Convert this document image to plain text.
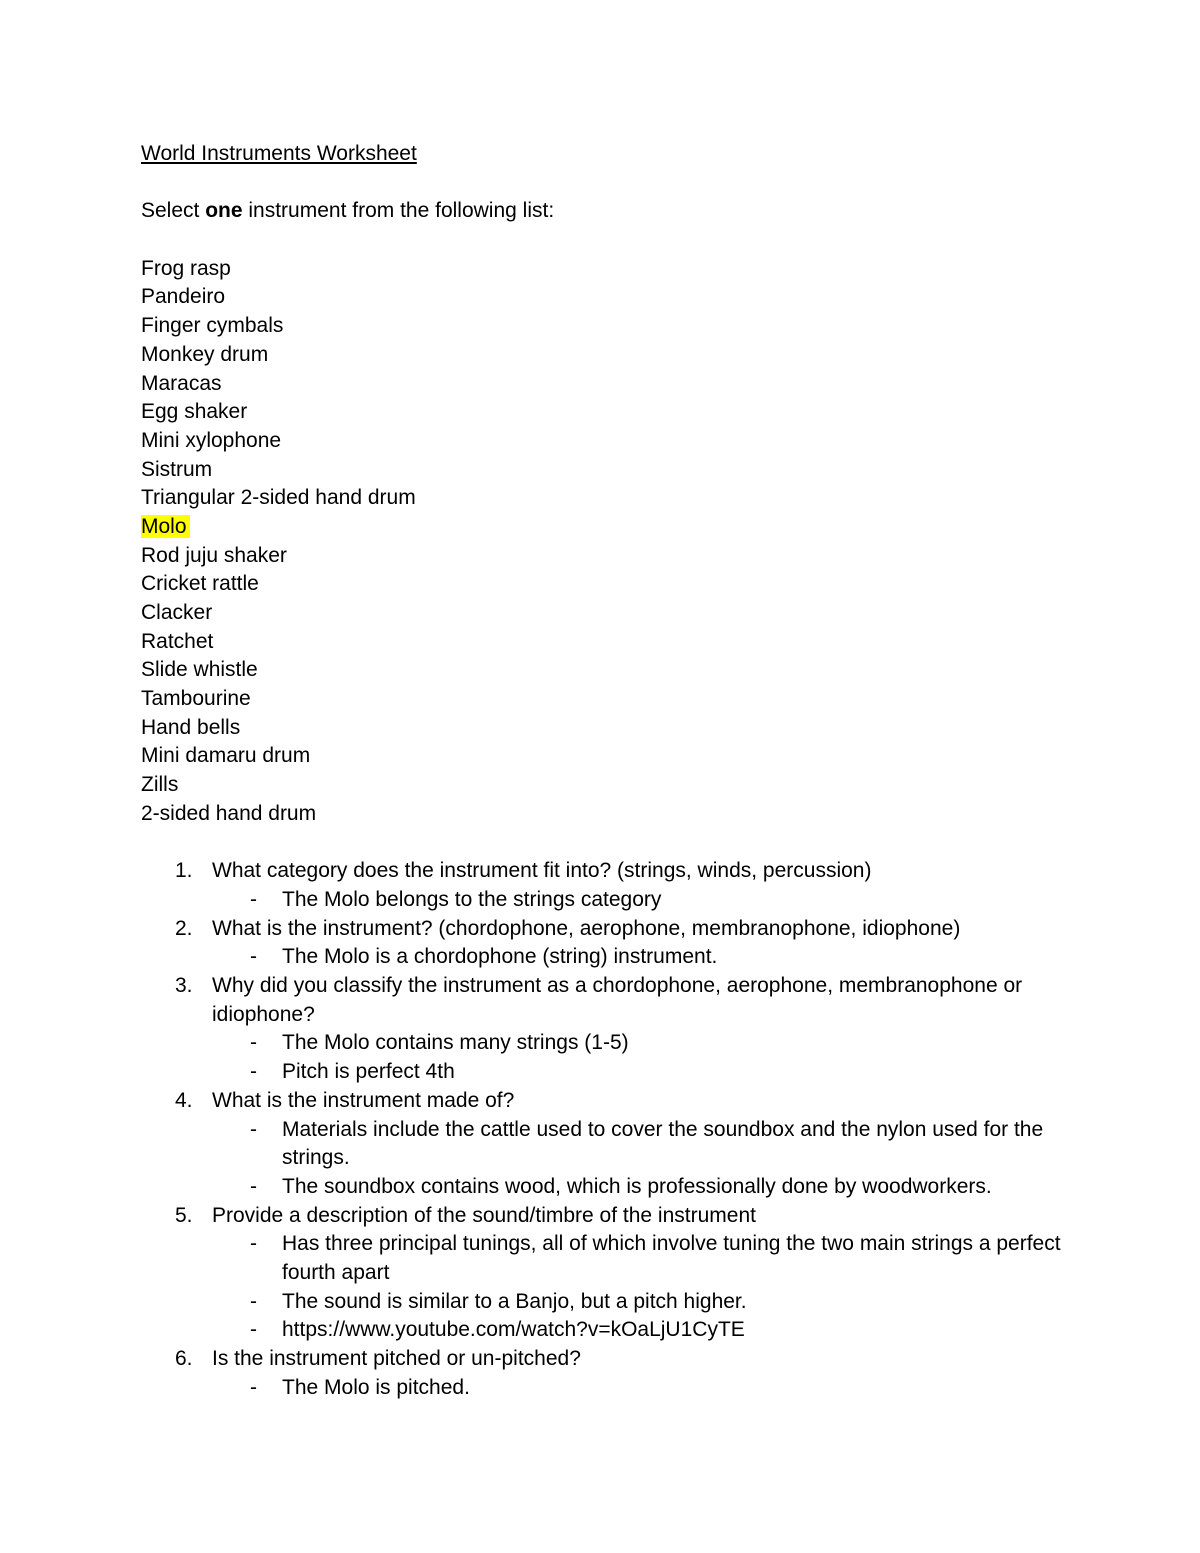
World Instruments Worksheet
Select one instrument from the following list:
Frog rasp
Pandeiro
Finger cymbals
Monkey drum
Maracas
Egg shaker
Mini xylophone
Sistrum
Triangular 2-sided hand drum
Molo
Rod juju shaker
Cricket rattle
Clacker
Ratchet
Slide whistle
Tambourine
Hand bells
Mini damaru drum
Zills
2-sided hand drum
1. What category does the instrument fit into? (strings, winds, percussion)
- The Molo belongs to the strings category
2. What is the instrument? (chordophone, aerophone, membranophone, idiophone)
- The Molo is a chordophone (string) instrument.
3. Why did you classify the instrument as a chordophone, aerophone, membranophone or idiophone?
- The Molo contains many strings (1-5)
- Pitch is perfect 4th
4. What is the instrument made of?
- Materials include the cattle used to cover the soundbox and the nylon used for the strings.
- The soundbox contains wood, which is professionally done by woodworkers.
5. Provide a description of the sound/timbre of the instrument
- Has three principal tunings, all of which involve tuning the two main strings a perfect fourth apart
- The sound is similar to a Banjo, but a pitch higher.
- https://www.youtube.com/watch?v=kOaLjU1CyTE
6. Is the instrument pitched or un-pitched?
- The Molo is pitched.
